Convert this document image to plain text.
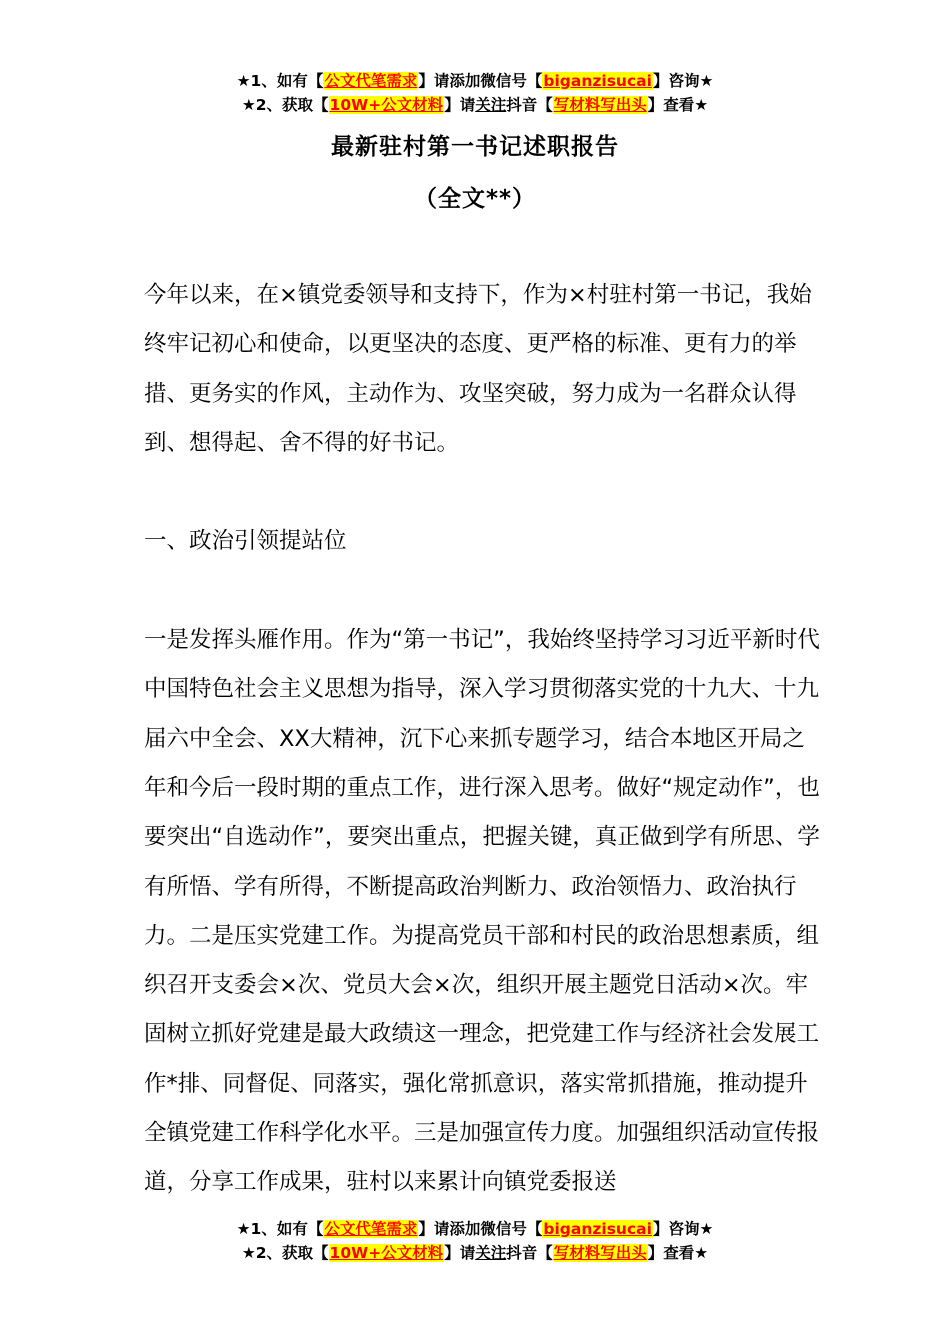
★1、如有【公文代笔需求】请添加微信号【biganzisucai】咨询★
★2、获取【10W+公文材料】请关注抖音【写材料写出头】查看★
最新驻村第一书记述职报告
（全文**）

今年以来，在×镇党委领导和支持下，作为×村驻村第一书记，我始终牢记初心和使命，以更坚决的态度、更严格的标准、更有力的举措、更务实的作风，主动作为、攻坚突破，努力成为一名群众认得到、想得起、舍不得的好书记。

一、政治引领提站位

一是发挥头雁作用。作为“第一书记”，我始终坚持学习习近平新时代中国特色社会主义思想为指导，深入学习贯彻落实党的十九大、十九届六中全会、XX大精神，沉下心来抓专题学习，结合本地区开局之年和今后一段时期的重点工作，进行深入思考。做好“规定动作”，也要突出“自选动作”，要突出重点，把握关键，真正做到学有所思、学有所悟、学有所得，不断提高政治判断力、政治领悟力、政治执行力。二是压实党建工作。为提高党员干部和村民的政治思想素质，组织召开支委会×次、党员大会×次，组织开展主题党日活动×次。牢固树立抓好党建是最大政绩这一理念，把党建工作与经济社会发展工作*排、同督促、同落实，强化常抓意识，落实常抓措施，推动提升全镇党建工作科学化水平。三是加强宣传力度。加强组织活动宣传报道，分享工作成果，驻村以来累计向镇党委报送

★1、如有【公文代笔需求】请添加微信号【biganzisucai】咨询★
★2、获取【10W+公文材料】请关注抖音【写材料写出头】查看★
